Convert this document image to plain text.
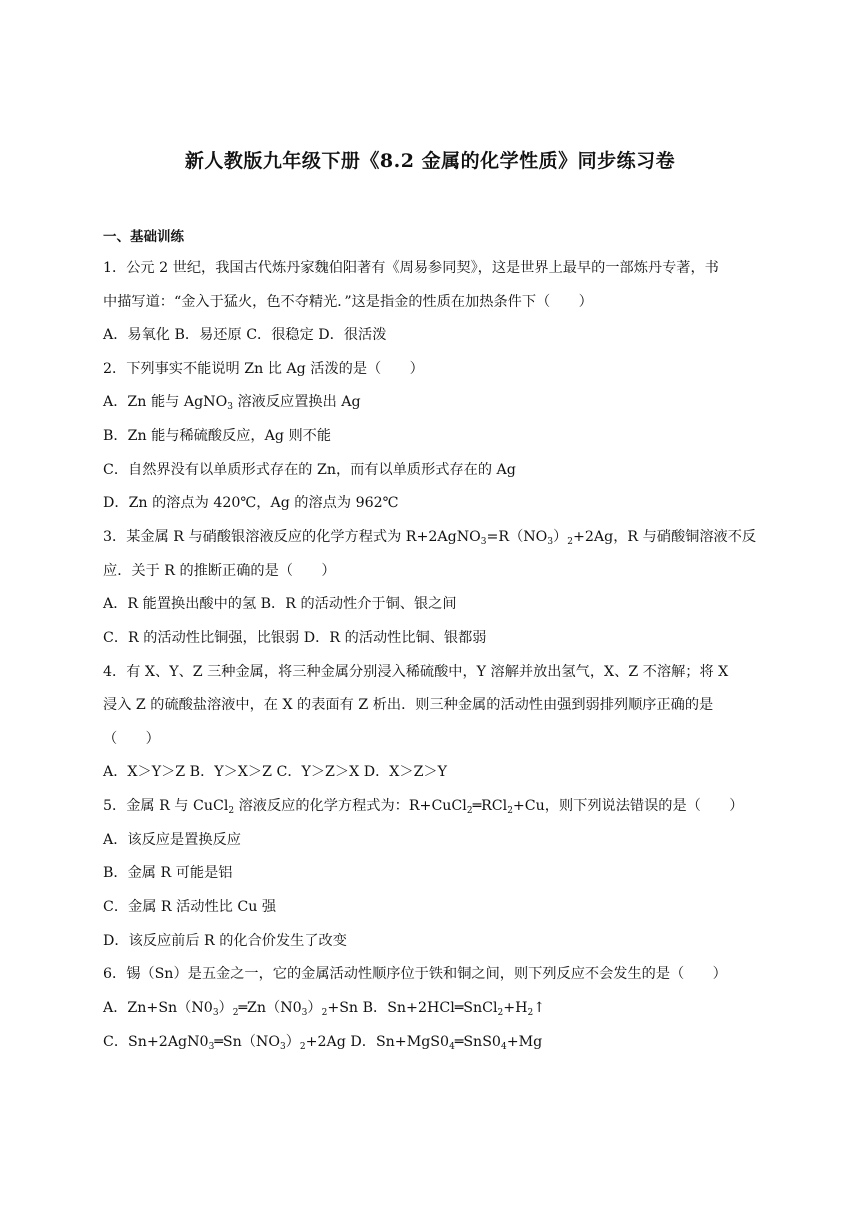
新人教版九年级下册《8.2 金属的化学性质》同步练习卷
一、基础训练
1．公元 2 世纪，我国古代炼丹家魏伯阳著有《周易参同契》，这是世界上最早的一部炼丹专著，书
中描写道：“金入于猛火，色不夺精光．”这是指金的性质在加热条件下（　　）
A．易氧化 B．易还原 C．很稳定 D．很活泼
2．下列事实不能说明 Zn 比 Ag 活泼的是（　　）
A．Zn 能与 AgNO$_3$ 溶液反应置换出 Ag
B．Zn 能与稀硫酸反应，Ag 则不能
C．自然界没有以单质形式存在的 Zn，而有以单质形式存在的 Ag
D．Zn 的溶点为 420℃，Ag 的溶点为 962℃
3．某金属 R 与硝酸银溶液反应的化学方程式为 $R+2AgNO_3=R(NO_3)_2+2Ag$，R 与硝酸铜溶液不反
应．关于 R 的推断正确的是（　　）
A．R 能置换出酸中的氢 B．R 的活动性介于铜、银之间
C．R 的活动性比铜强，比银弱 D．R 的活动性比铜、银都弱
4．有 X、Y、Z 三种金属，将三种金属分别浸入稀硫酸中，Y 溶解并放出氢气，X、Z 不溶解；将 X
浸入 Z 的硫酸盐溶液中，在 X 的表面有 Z 析出．则三种金属的活动性由强到弱排列顺序正确的是
（　　）
A．X＞Y＞Z B．Y＞X＞Z C．Y＞Z＞X D．X＞Z＞Y
5．金属 R 与 CuCl$_2$ 溶液反应的化学方程式为：R+CuCl$_2$═RCl$_2$+Cu，则下列说法错误的是（　　）
A．该反应是置换反应
B．金属 R 可能是铝
C．金属 R 活动性比 Cu 强
D．该反应前后 R 的化合价发生了改变
6．锡（Sn）是五金之一，它的金属活动性顺序位于铁和铜之间，则下列反应不会发生的是（　　）
A．$Zn+Sn(N0_3)_2═Zn(N0_3)_2+Sn$ B．$Sn+2HCl═SnCl_2+H_2↑$
C．$Sn+2AgN0_3═Sn(NO_3)_2+2Ag$ D．$Sn+MgS0_4═SnS0_4+Mg$
